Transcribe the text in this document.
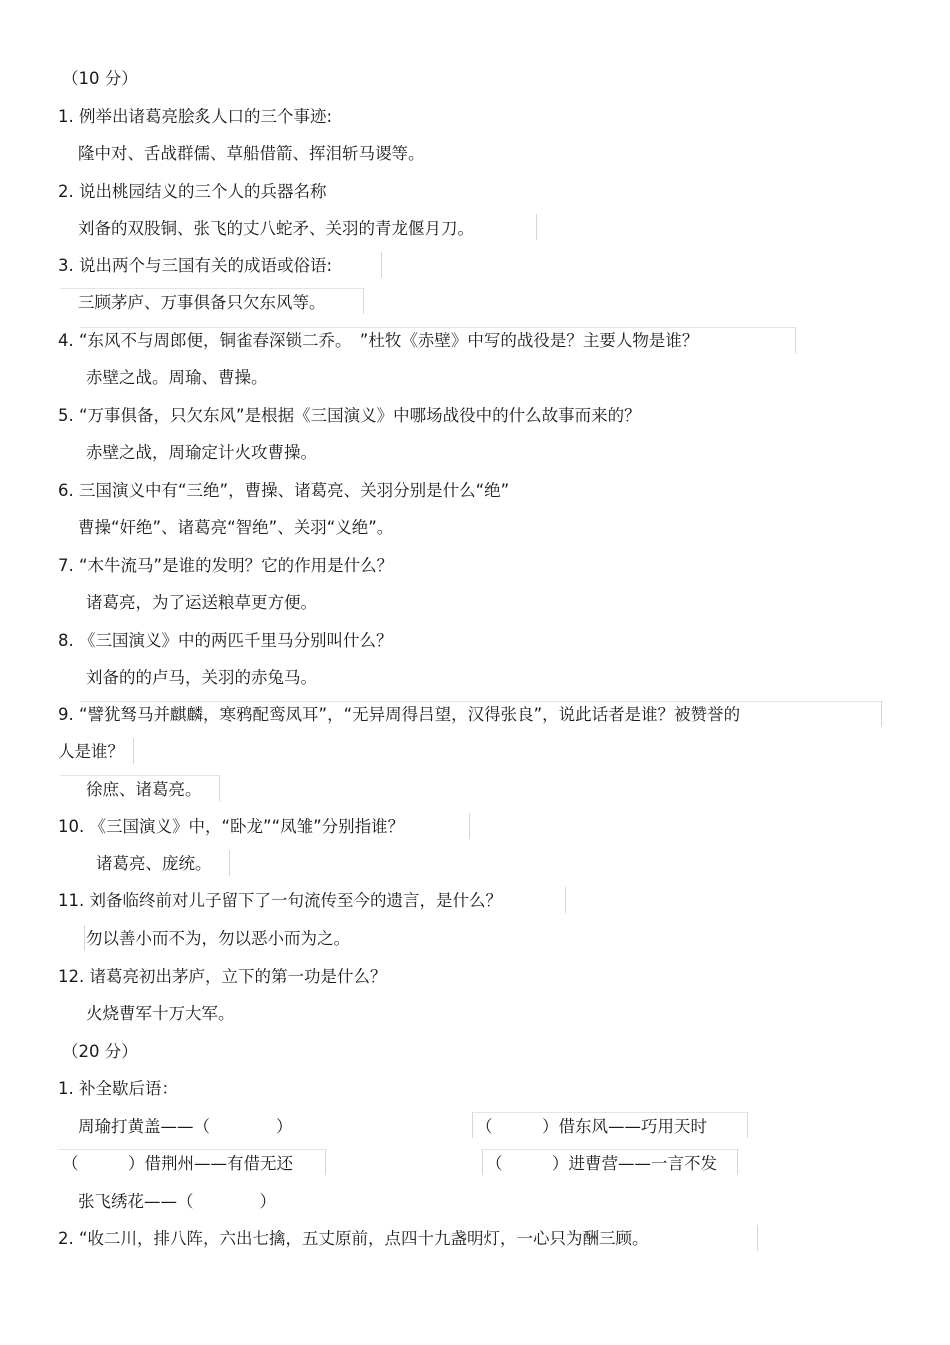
（10 分）
1. 例举出诸葛亮脍炙人口的三个事迹:
隆中对、舌战群儒、草船借箭、挥泪斩马谡等。
2. 说出桃园结义的三个人的兵器名称
刘备的双股铜、张飞的丈八蛇矛、关羽的青龙偃月刀。
3. 说出两个与三国有关的成语或俗语:
三顾茅庐、万事俱备只欠东风等。
4. “东风不与周郎便，铜雀春深锁二乔。　”杜牧《赤壁》中写的战役是？主要人物是谁？
赤壁之战。周瑜、曹操。
5. “万事俱备，只欠东风”是根据《三国演义》中哪场战役中的什么故事而来的？
赤壁之战，周瑜定计火攻曹操。
6. 三国演义中有“三绝”，曹操、诸葛亮、关羽分别是什么“绝”
曹操“奸绝”、诸葛亮“智绝”、关羽“义绝”。
7. “木牛流马”是谁的发明？它的作用是什么？
诸葛亮，为了运送粮草更方便。
8. 《三国演义》中的两匹千里马分别叫什么？
刘备的的卢马，关羽的赤兔马。
9. “譬犹驽马并麒麟，寒鸦配鸾凤耳”，“无异周得吕望，汉得张良”，说此话者是谁？被赞誉的
人是谁？
徐庶、诸葛亮。
10. 《三国演义》中，“卧龙”“凤雏”分别指谁？
诸葛亮、庞统。
11. 刘备临终前对儿子留下了一句流传至今的遗言，是什么？
勿以善小而不为，勿以恶小而为之。
12. 诸葛亮初出茅庐，立下的第一功是什么？
火烧曹军十万大军。
（20 分）
1. 补全歇后语：
周瑜打黄盖——（　　　　）	（　　　）借东风——巧用天时
（　　　）借荆州——有借无还	（　　　）进曹营——一言不发
张飞绣花——（　　　　）
2. “收二川，排八阵，六出七擒，五丈原前，点四十九盏明灯，一心只为酬三顾。
